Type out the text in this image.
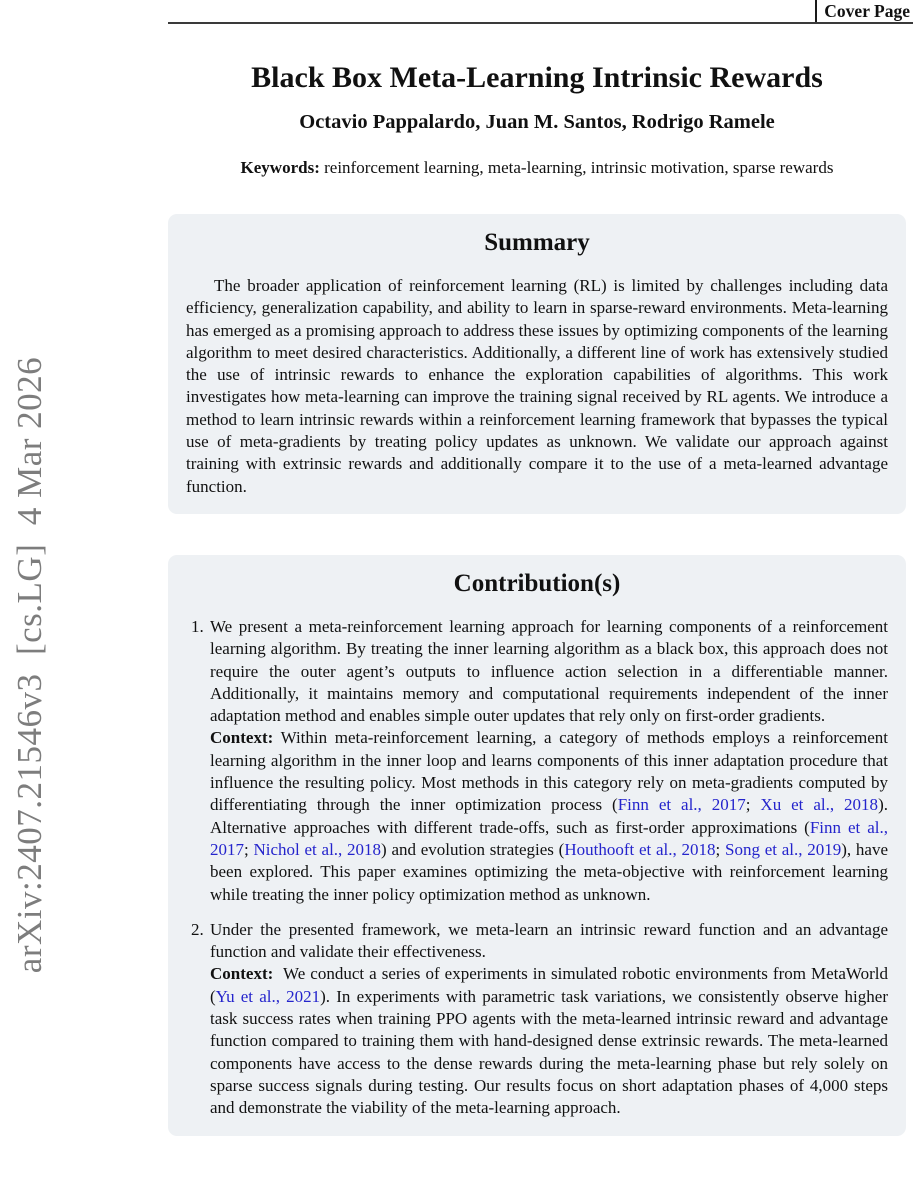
arXiv:2407.21546v3  [cs.LG]  4 Mar 2026
Cover Page
Black Box Meta-Learning Intrinsic Rewards
Octavio Pappalardo, Juan M. Santos, Rodrigo Ramele
Keywords: reinforcement learning, meta-learning, intrinsic motivation, sparse rewards
Summary

The broader application of reinforcement learning (RL) is limited by challenges including data efficiency, generalization capability, and ability to learn in sparse-reward environments. Meta-learning has emerged as a promising approach to address these issues by optimizing components of the learning algorithm to meet desired characteristics. Additionally, a different line of work has extensively studied the use of intrinsic rewards to enhance the exploration capabilities of algorithms. This work investigates how meta-learning can improve the training signal received by RL agents. We introduce a method to learn intrinsic rewards within a reinforcement learning framework that bypasses the typical use of meta-gradients by treating policy updates as unknown. We validate our approach against training with extrinsic rewards and additionally compare it to the use of a meta-learned advantage function.

Contribution(s)
1. We present a meta-reinforcement learning approach for learning components of a reinforcement learning algorithm. By treating the inner learning algorithm as a black box, this approach does not require the outer agent’s outputs to influence action selection in a differentiable manner. Additionally, it maintains memory and computational requirements independent of the inner adaptation method and enables simple outer updates that rely only on first-order gradients.
Context: Within meta-reinforcement learning, a category of methods employs a reinforcement learning algorithm in the inner loop and learns components of this inner adaptation procedure that influence the resulting policy. Most methods in this category rely on meta-gradients computed by differentiating through the inner optimization process (Finn et al., 2017; Xu et al., 2018). Alternative approaches with different trade-offs, such as first-order approximations (Finn et al., 2017; Nichol et al., 2018) and evolution strategies (Houthooft et al., 2018; Song et al., 2019), have been explored. This paper examines optimizing the meta-objective with reinforcement learning while treating the inner policy optimization method as unknown.
2. Under the presented framework, we meta-learn an intrinsic reward function and an advantage function and validate their effectiveness.
Context:  We conduct a series of experiments in simulated robotic environments from MetaWorld (Yu et al., 2021). In experiments with parametric task variations, we consistently observe higher task success rates when training PPO agents with the meta-learned intrinsic reward and advantage function compared to training them with hand-designed dense extrinsic rewards. The meta-learned components have access to the dense rewards during the meta-learning phase but rely solely on sparse success signals during testing. Our results focus on short adaptation phases of 4,000 steps and demonstrate the viability of the meta-learning approach.
